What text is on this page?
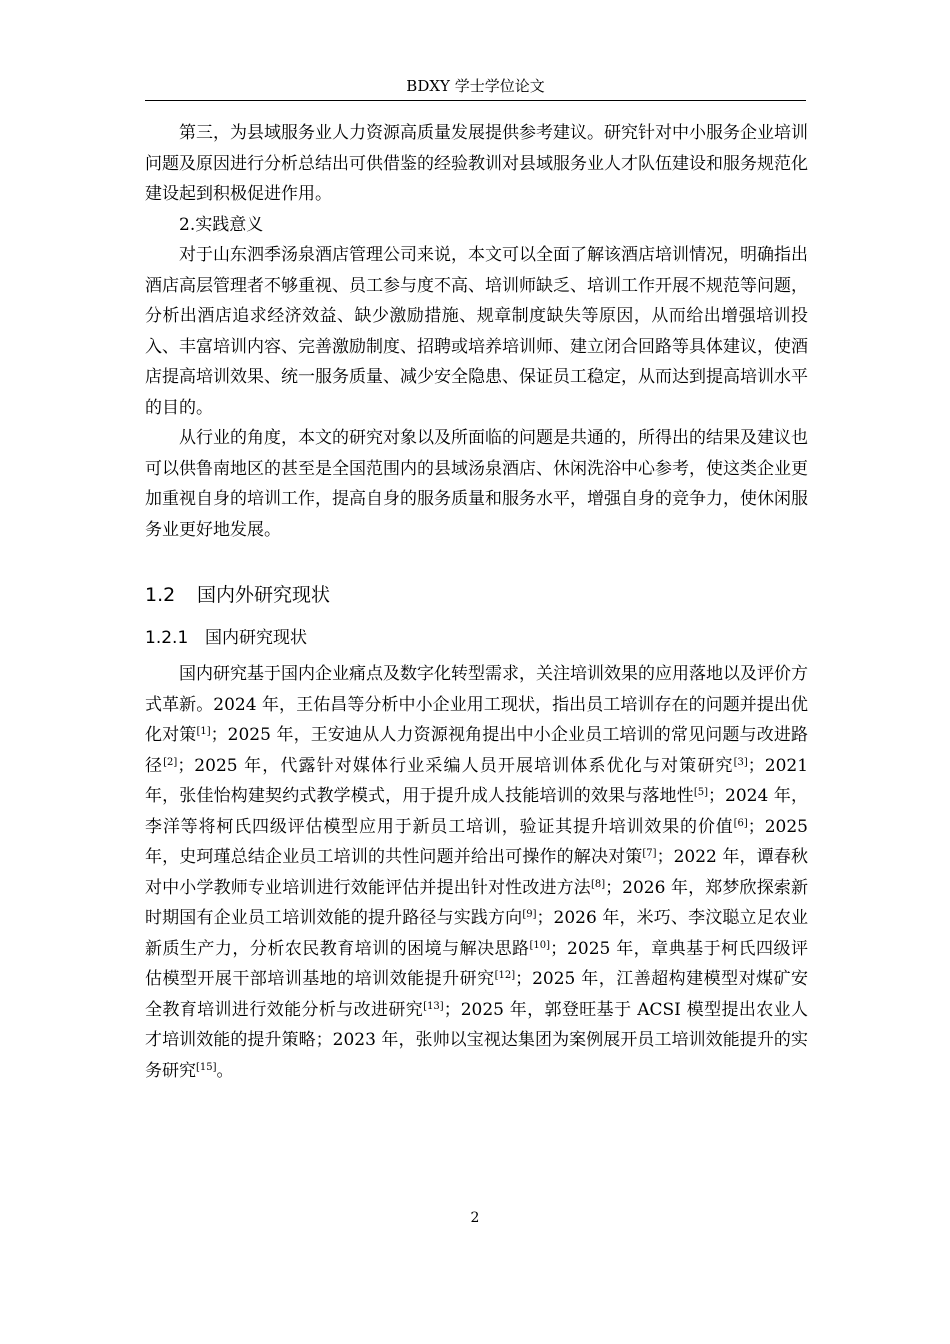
BDXY 学士学位论文

第三，为县域服务业人力资源高质量发展提供参考建议。研究针对中小服务企业培训问题及原因进行分析总结出可供借鉴的经验教训对县域服务业人才队伍建设和服务规范化建设起到积极促进作用。

2.实践意义

对于山东泗季汤泉酒店管理公司来说，本文可以全面了解该酒店培训情况，明确指出酒店高层管理者不够重视、员工参与度不高、培训师缺乏、培训工作开展不规范等问题，分析出酒店追求经济效益、缺少激励措施、规章制度缺失等原因，从而给出增强培训投入、丰富培训内容、完善激励制度、招聘或培养培训师、建立闭合回路等具体建议，使酒店提高培训效果、统一服务质量、减少安全隐患、保证员工稳定，从而达到提高培训水平的目的。

从行业的角度，本文的研究对象以及所面临的问题是共通的，所得出的结果及建议也可以供鲁南地区的甚至是全国范围内的县域汤泉酒店、休闲洗浴中心参考，使这类企业更加重视自身的培训工作，提高自身的服务质量和服务水平，增强自身的竞争力，使休闲服务业更好地发展。

1.2 国内外研究现状
1.2.1 国内研究现状

国内研究基于国内企业痛点及数字化转型需求，关注培训效果的应用落地以及评价方式革新。2024 年，王佑昌等分析中小企业用工现状，指出员工培训存在的问题并提出优化对策[1]；2025 年，王安迪从人力资源视角提出中小企业员工培训的常见问题与改进路径[2]；2025 年，代露针对媒体行业采编人员开展培训体系优化与对策研究[3]；2021 年，张佳怡构建契约式教学模式，用于提升成人技能培训的效果与落地性[5]；2024 年，李洋等将柯氏四级评估模型应用于新员工培训，验证其提升培训效果的价值[6]；2025 年，史珂瑾总结企业员工培训的共性问题并给出可操作的解决对策[7]；2022 年，谭春秋对中小学教师专业培训进行效能评估并提出针对性改进方法[8]；2026 年，郑梦欣探索新时期国有企业员工培训效能的提升路径与实践方向[9]；2026 年，米巧、李汶聪立足农业新质生产力，分析农民教育培训的困境与解决思路[10]；2025 年，章典基于柯氏四级评估模型开展干部培训基地的培训效能提升研究[12]；2025 年，江善超构建模型对煤矿安全教育培训进行效能分析与改进研究[13]；2025 年，郭登旺基于 ACSI 模型提出农业人才培训效能的提升策略；2023 年，张帅以宝视达集团为案例展开员工培训效能提升的实务研究[15]。

2
